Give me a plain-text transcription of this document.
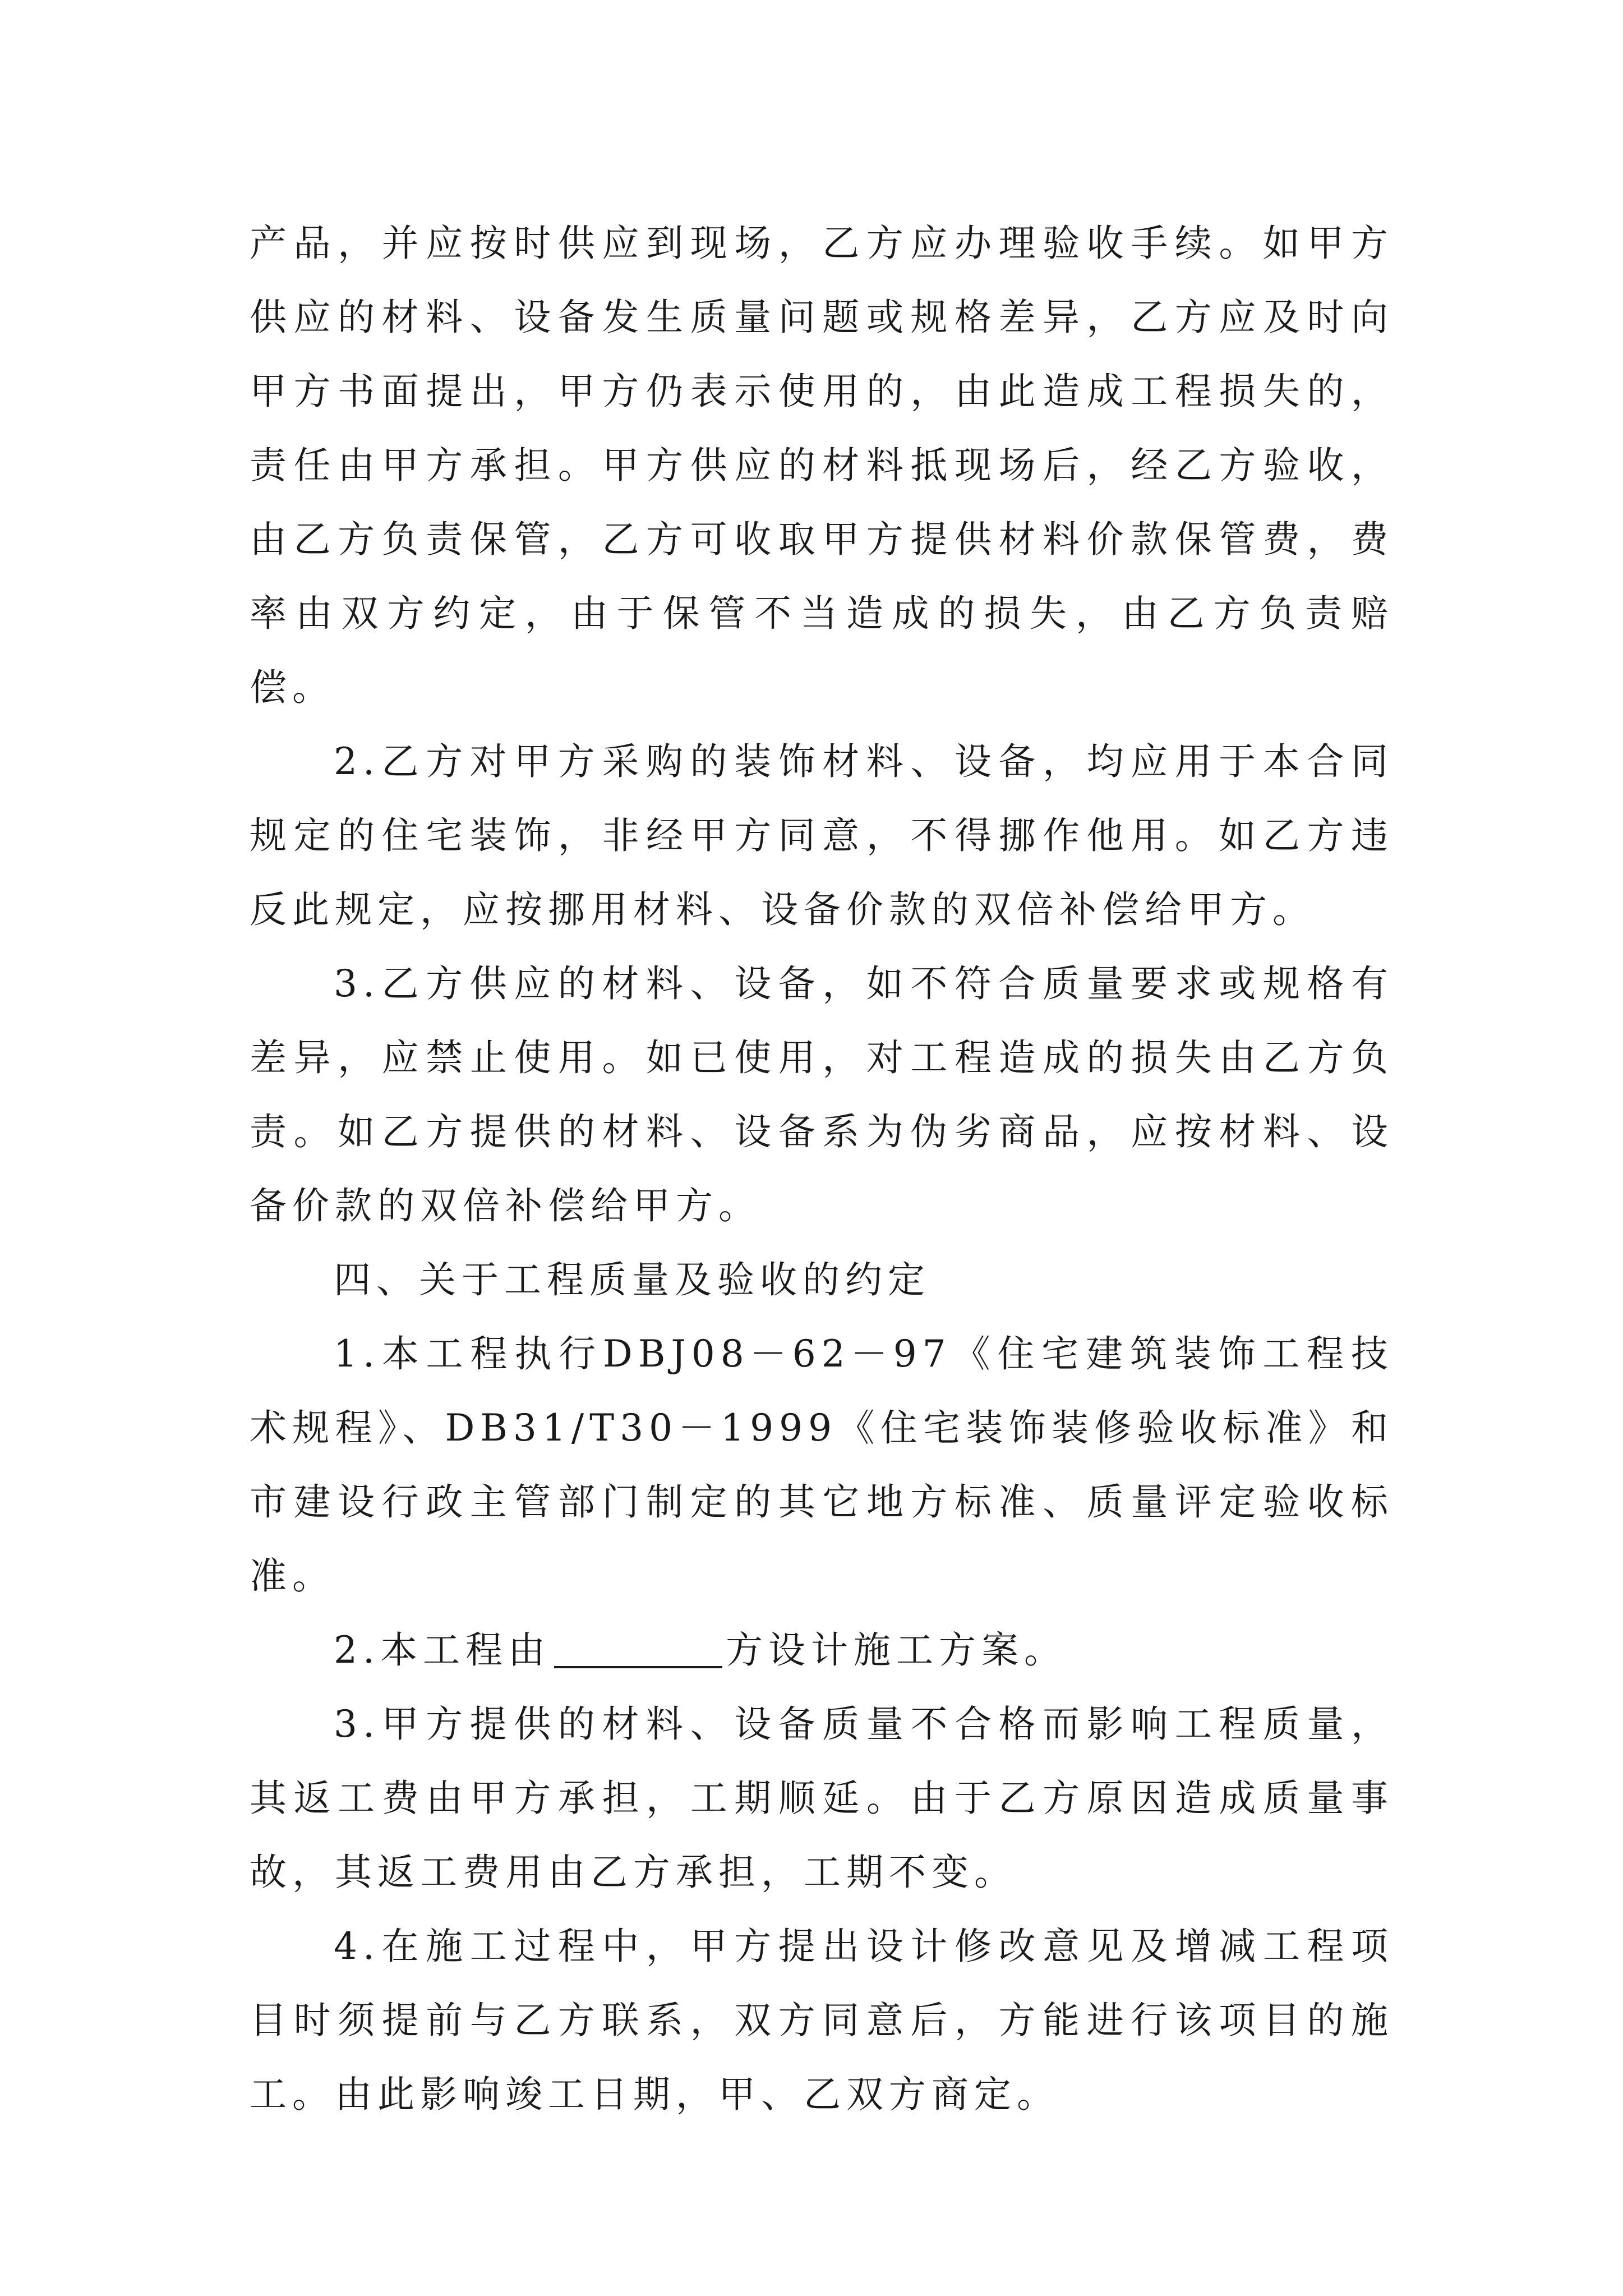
产品，并应按时供应到现场，乙方应办理验收手续。如甲方供应的材料、设备发生质量问题或规格差异，乙方应及时向甲方书面提出，甲方仍表示使用的，由此造成工程损失的，责任由甲方承担。甲方供应的材料抵现场后，经乙方验收，由乙方负责保管，乙方可收取甲方提供材料价款保管费，费率由双方约定，由于保管不当造成的损失，由乙方负责赔偿。

2.乙方对甲方采购的装饰材料、设备，均应用于本合同规定的住宅装饰，非经甲方同意，不得挪作他用。如乙方违反此规定，应按挪用材料、设备价款的双倍补偿给甲方。

3.乙方供应的材料、设备，如不符合质量要求或规格有差异，应禁止使用。如已使用，对工程造成的损失由乙方负责。如乙方提供的材料、设备系为伪劣商品，应按材料、设备价款的双倍补偿给甲方。

四、关于工程质量及验收的约定

1.本工程执行DBJ08－62－97《住宅建筑装饰工程技术规程》、DB31/T30－1999《住宅装饰装修验收标准》和市建设行政主管部门制定的其它地方标准、质量评定验收标准。

2.本工程由	方设计施工方案。

3.甲方提供的材料、设备质量不合格而影响工程质量，其返工费由甲方承担，工期顺延。由于乙方原因造成质量事故，其返工费用由乙方承担，工期不变。

4.在施工过程中，甲方提出设计修改意见及增减工程项目时须提前与乙方联系，双方同意后，方能进行该项目的施工。由此影响竣工日期，甲、乙双方商定。
